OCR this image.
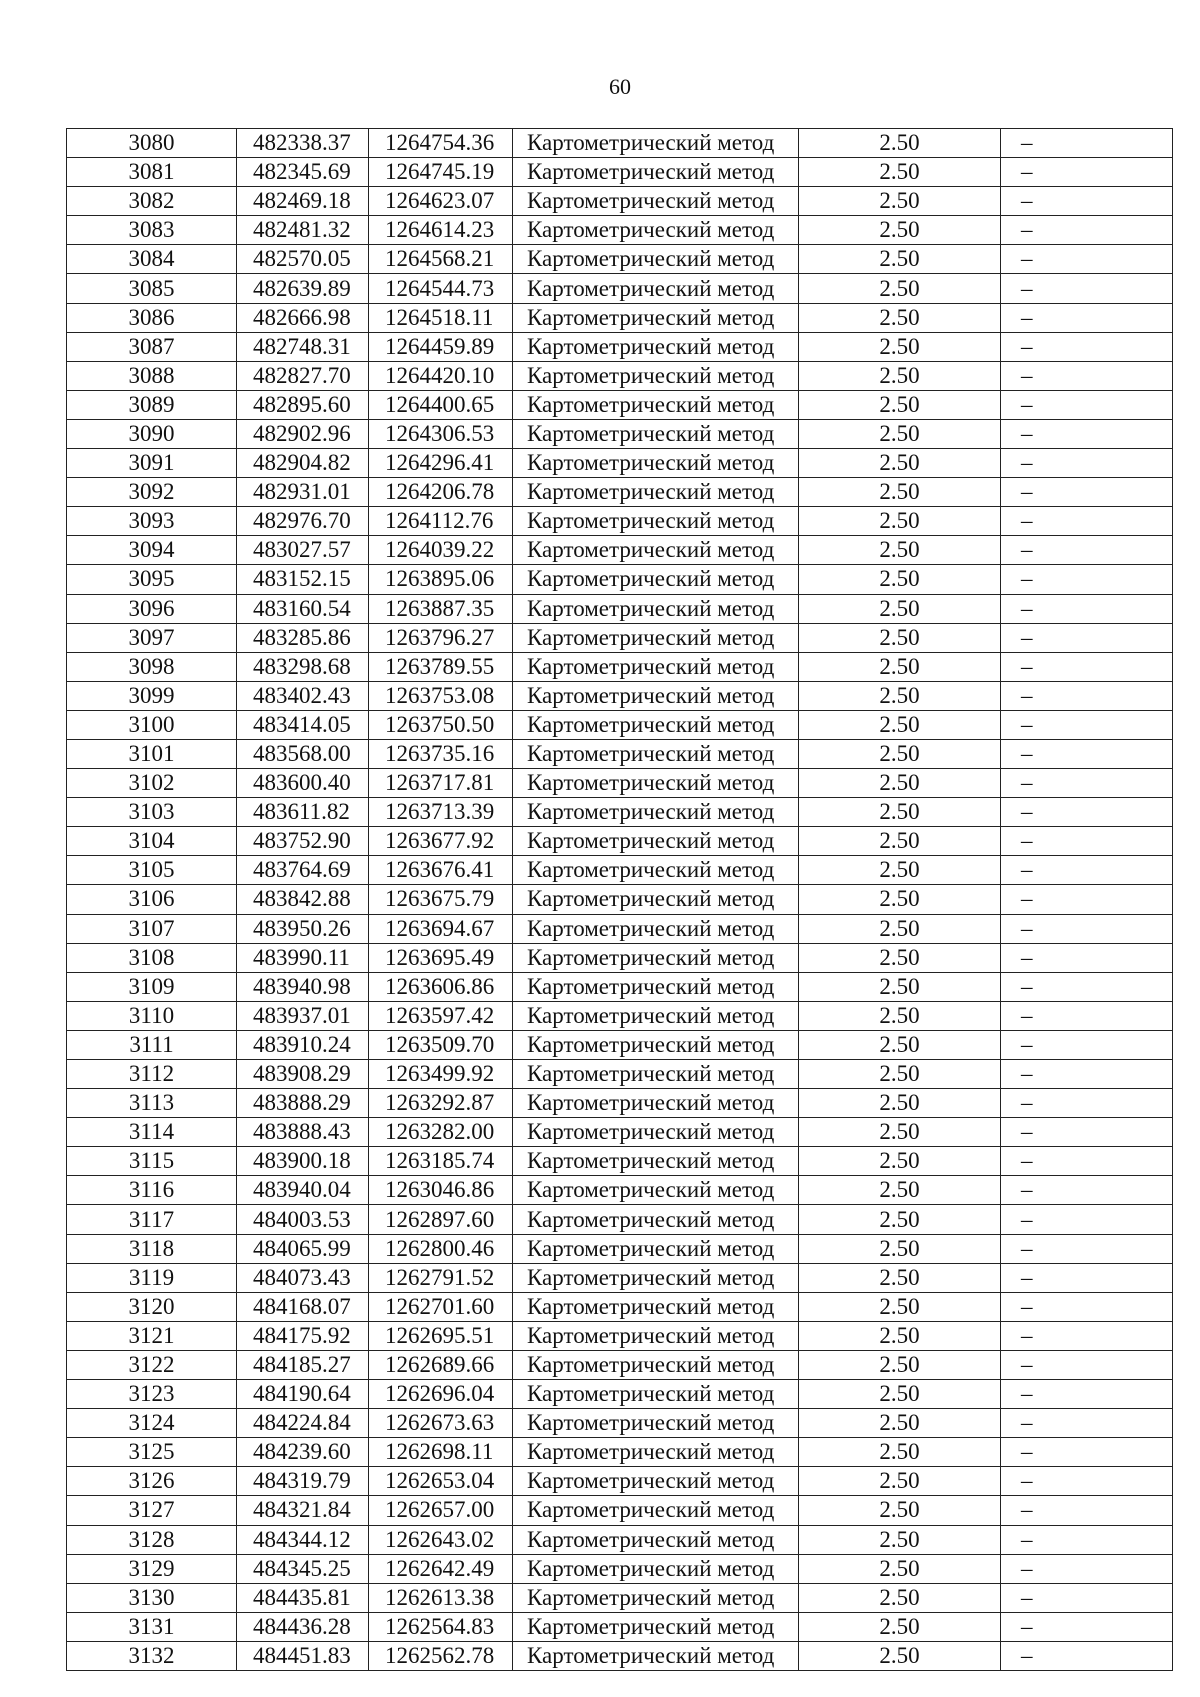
60
3080	482338.37	1264754.36	Картометрический метод	2.50	–
3081	482345.69	1264745.19	Картометрический метод	2.50	–
3082	482469.18	1264623.07	Картометрический метод	2.50	–
3083	482481.32	1264614.23	Картометрический метод	2.50	–
3084	482570.05	1264568.21	Картометрический метод	2.50	–
3085	482639.89	1264544.73	Картометрический метод	2.50	–
3086	482666.98	1264518.11	Картометрический метод	2.50	–
3087	482748.31	1264459.89	Картометрический метод	2.50	–
3088	482827.70	1264420.10	Картометрический метод	2.50	–
3089	482895.60	1264400.65	Картометрический метод	2.50	–
3090	482902.96	1264306.53	Картометрический метод	2.50	–
3091	482904.82	1264296.41	Картометрический метод	2.50	–
3092	482931.01	1264206.78	Картометрический метод	2.50	–
3093	482976.70	1264112.76	Картометрический метод	2.50	–
3094	483027.57	1264039.22	Картометрический метод	2.50	–
3095	483152.15	1263895.06	Картометрический метод	2.50	–
3096	483160.54	1263887.35	Картометрический метод	2.50	–
3097	483285.86	1263796.27	Картометрический метод	2.50	–
3098	483298.68	1263789.55	Картометрический метод	2.50	–
3099	483402.43	1263753.08	Картометрический метод	2.50	–
3100	483414.05	1263750.50	Картометрический метод	2.50	–
3101	483568.00	1263735.16	Картометрический метод	2.50	–
3102	483600.40	1263717.81	Картометрический метод	2.50	–
3103	483611.82	1263713.39	Картометрический метод	2.50	–
3104	483752.90	1263677.92	Картометрический метод	2.50	–
3105	483764.69	1263676.41	Картометрический метод	2.50	–
3106	483842.88	1263675.79	Картометрический метод	2.50	–
3107	483950.26	1263694.67	Картометрический метод	2.50	–
3108	483990.11	1263695.49	Картометрический метод	2.50	–
3109	483940.98	1263606.86	Картометрический метод	2.50	–
3110	483937.01	1263597.42	Картометрический метод	2.50	–
3111	483910.24	1263509.70	Картометрический метод	2.50	–
3112	483908.29	1263499.92	Картометрический метод	2.50	–
3113	483888.29	1263292.87	Картометрический метод	2.50	–
3114	483888.43	1263282.00	Картометрический метод	2.50	–
3115	483900.18	1263185.74	Картометрический метод	2.50	–
3116	483940.04	1263046.86	Картометрический метод	2.50	–
3117	484003.53	1262897.60	Картометрический метод	2.50	–
3118	484065.99	1262800.46	Картометрический метод	2.50	–
3119	484073.43	1262791.52	Картометрический метод	2.50	–
3120	484168.07	1262701.60	Картометрический метод	2.50	–
3121	484175.92	1262695.51	Картометрический метод	2.50	–
3122	484185.27	1262689.66	Картометрический метод	2.50	–
3123	484190.64	1262696.04	Картометрический метод	2.50	–
3124	484224.84	1262673.63	Картометрический метод	2.50	–
3125	484239.60	1262698.11	Картометрический метод	2.50	–
3126	484319.79	1262653.04	Картометрический метод	2.50	–
3127	484321.84	1262657.00	Картометрический метод	2.50	–
3128	484344.12	1262643.02	Картометрический метод	2.50	–
3129	484345.25	1262642.49	Картометрический метод	2.50	–
3130	484435.81	1262613.38	Картометрический метод	2.50	–
3131	484436.28	1262564.83	Картометрический метод	2.50	–
3132	484451.83	1262562.78	Картометрический метод	2.50	–
